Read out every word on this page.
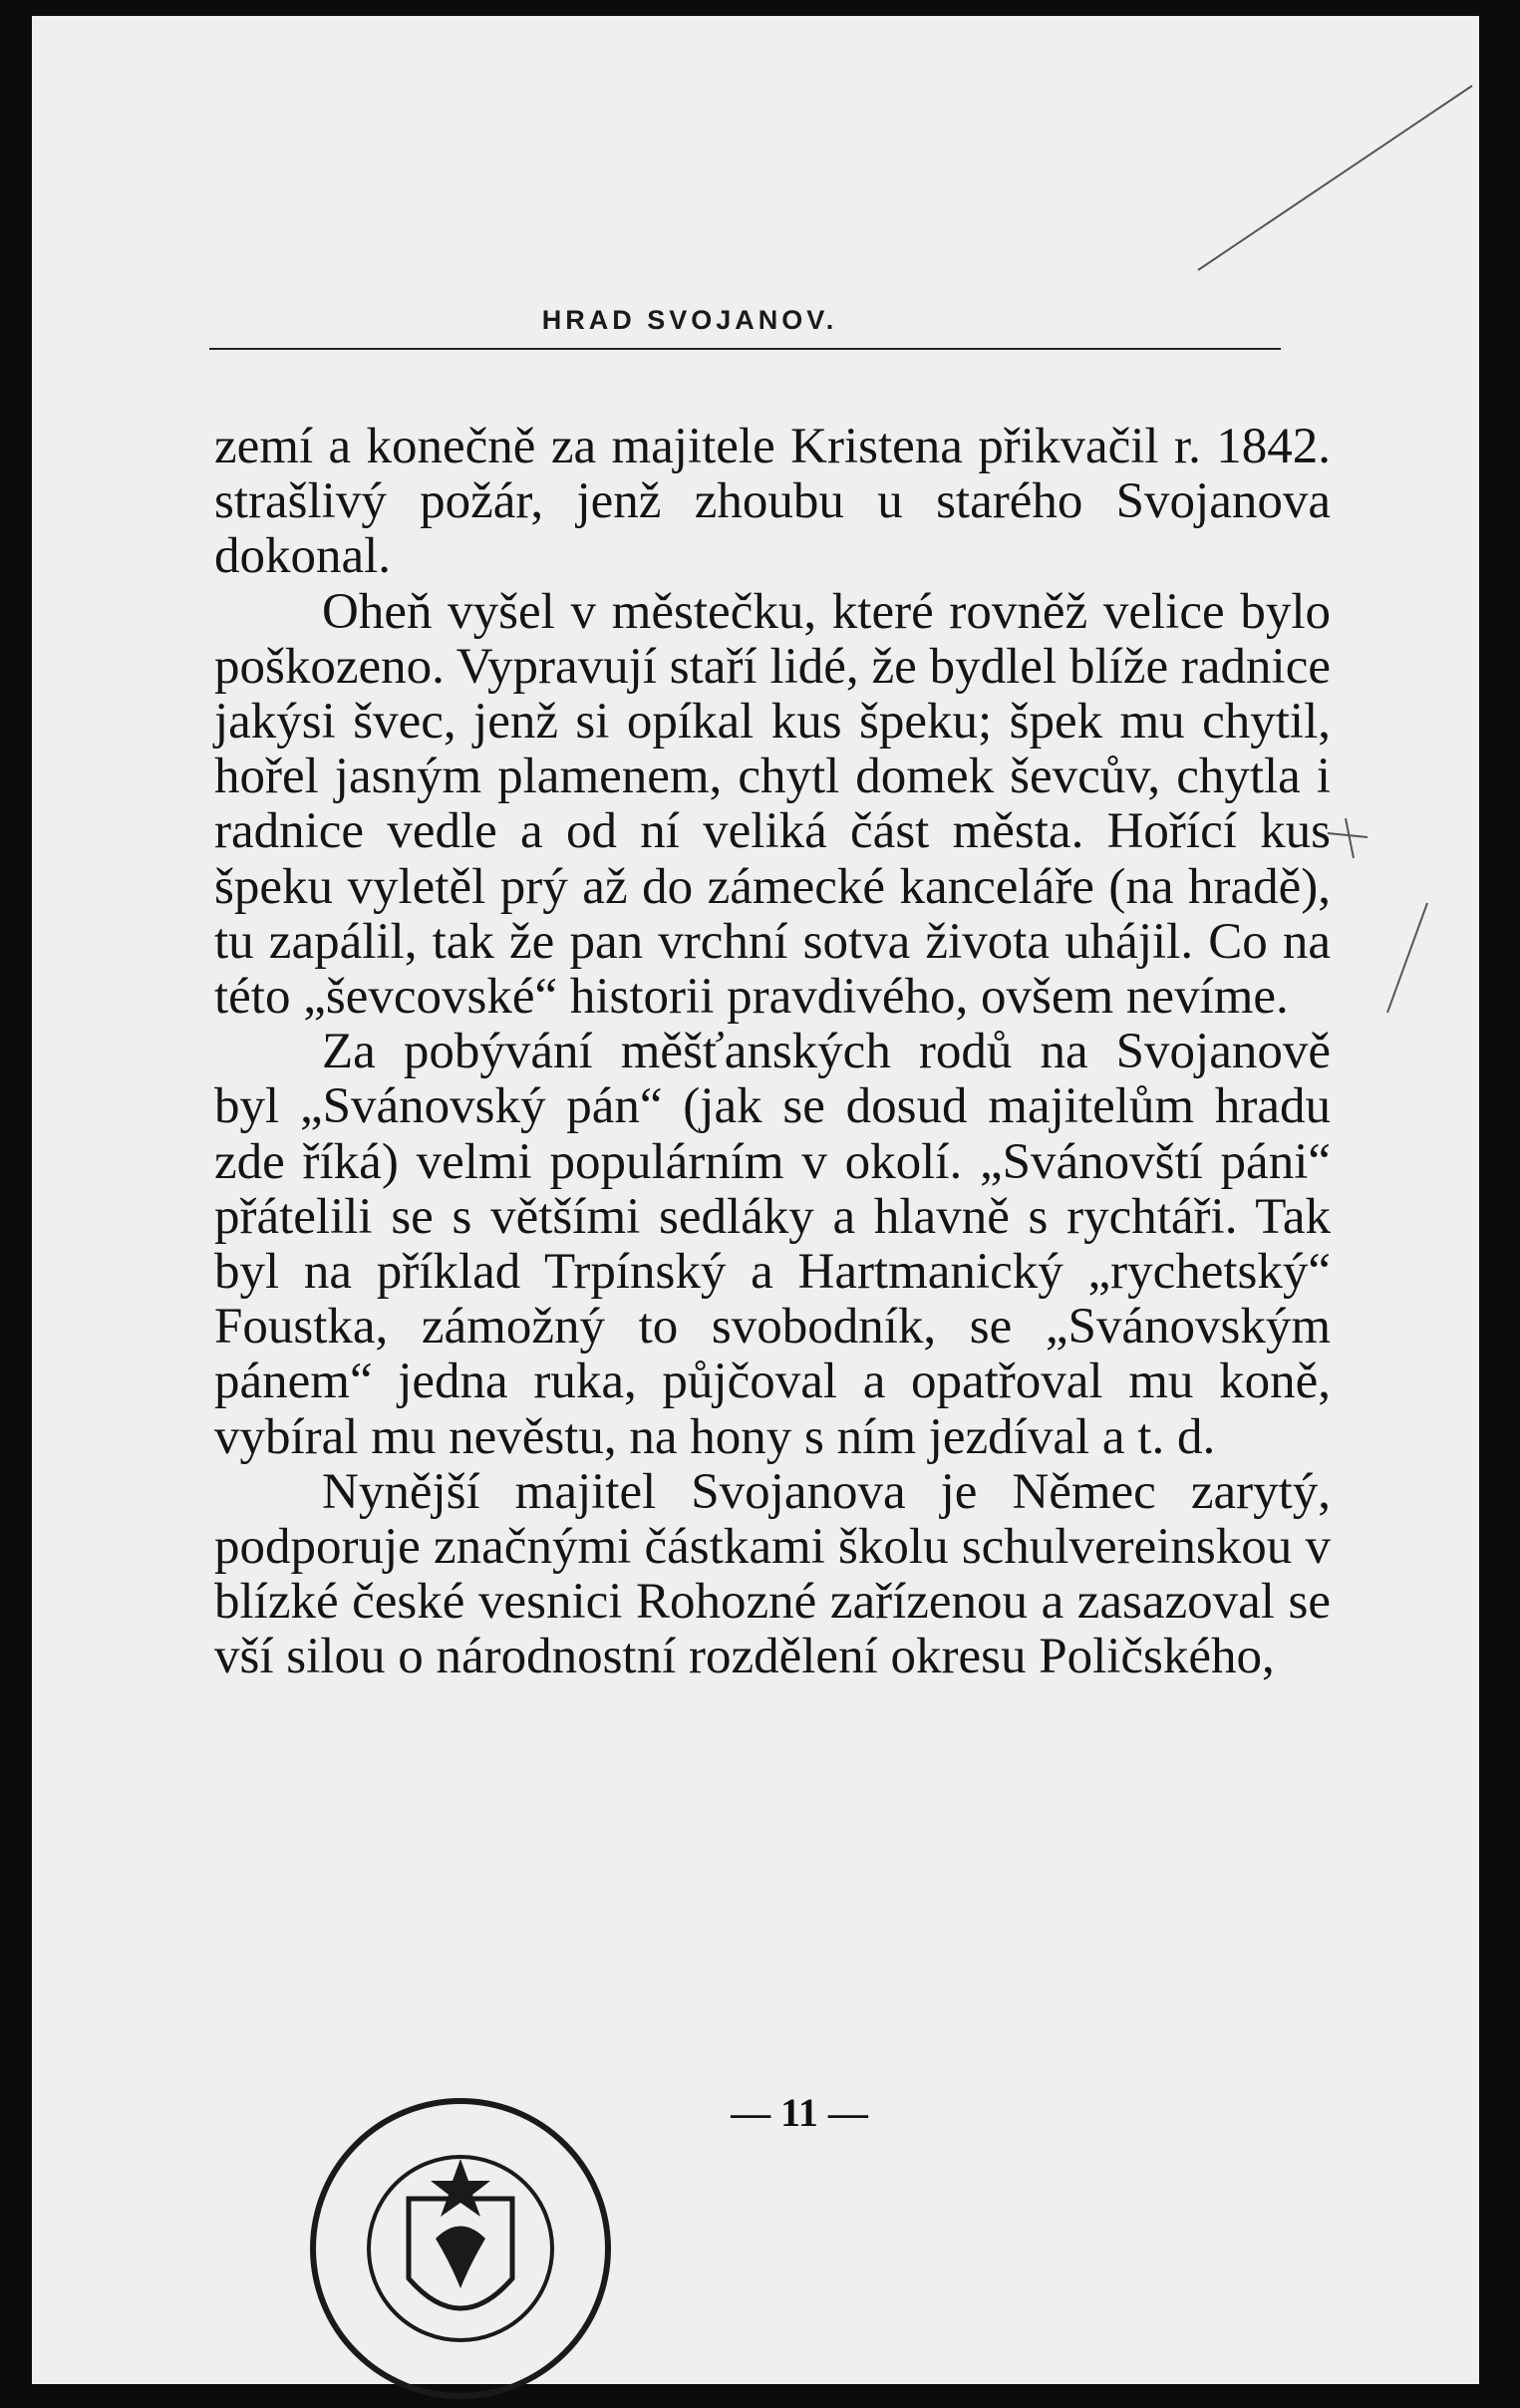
HRAD SVOJANOV.

zemí a konečně za majitele Kristena přikvačil r. 1842. strašlivý požár, jenž zhoubu u starého Svojanova dokonal.

Oheň vyšel v městečku, které rovněž velice bylo poškozeno. Vypravují staří lidé, že bydlel blíže radnice jakýsi švec, jenž si opíkal kus špeku; špek mu chytil, hořel jasným plamenem, chytl domek ševcův, chytla i radnice vedle a od ní veliká část města. Hořící kus špeku vyletěl prý až do zámecké kanceláře (na hradě), tu zapálil, tak že pan vrchní sotva života uhájil. Co na této „ševcovské“ historii pravdivého, ovšem nevíme.

Za pobývání měšťanských rodů na Svojanově byl „Svánovský pán“ (jak se dosud majitelům hradu zde říká) velmi populárním v okolí. „Svánovští páni“ přátelili se s většími sedláky a hlavně s rychtáři. Tak byl na příklad Trpínský a Hartmanický „rychetský“ Foustka, zámožný to svobodník, se „Svánovským pánem“ jedna ruka, půjčoval a opatřoval mu koně, vybíral mu nevěstu, na hony s ním jezdíval a t. d.

Nynější majitel Svojanova je Němec zarytý, podporuje značnými částkami školu schulvereinskou v blízké české vesnici Rohozné zařízenou a zasazoval se vší silou o národnostní rozdělení okresu Poličského,

— 11 —
